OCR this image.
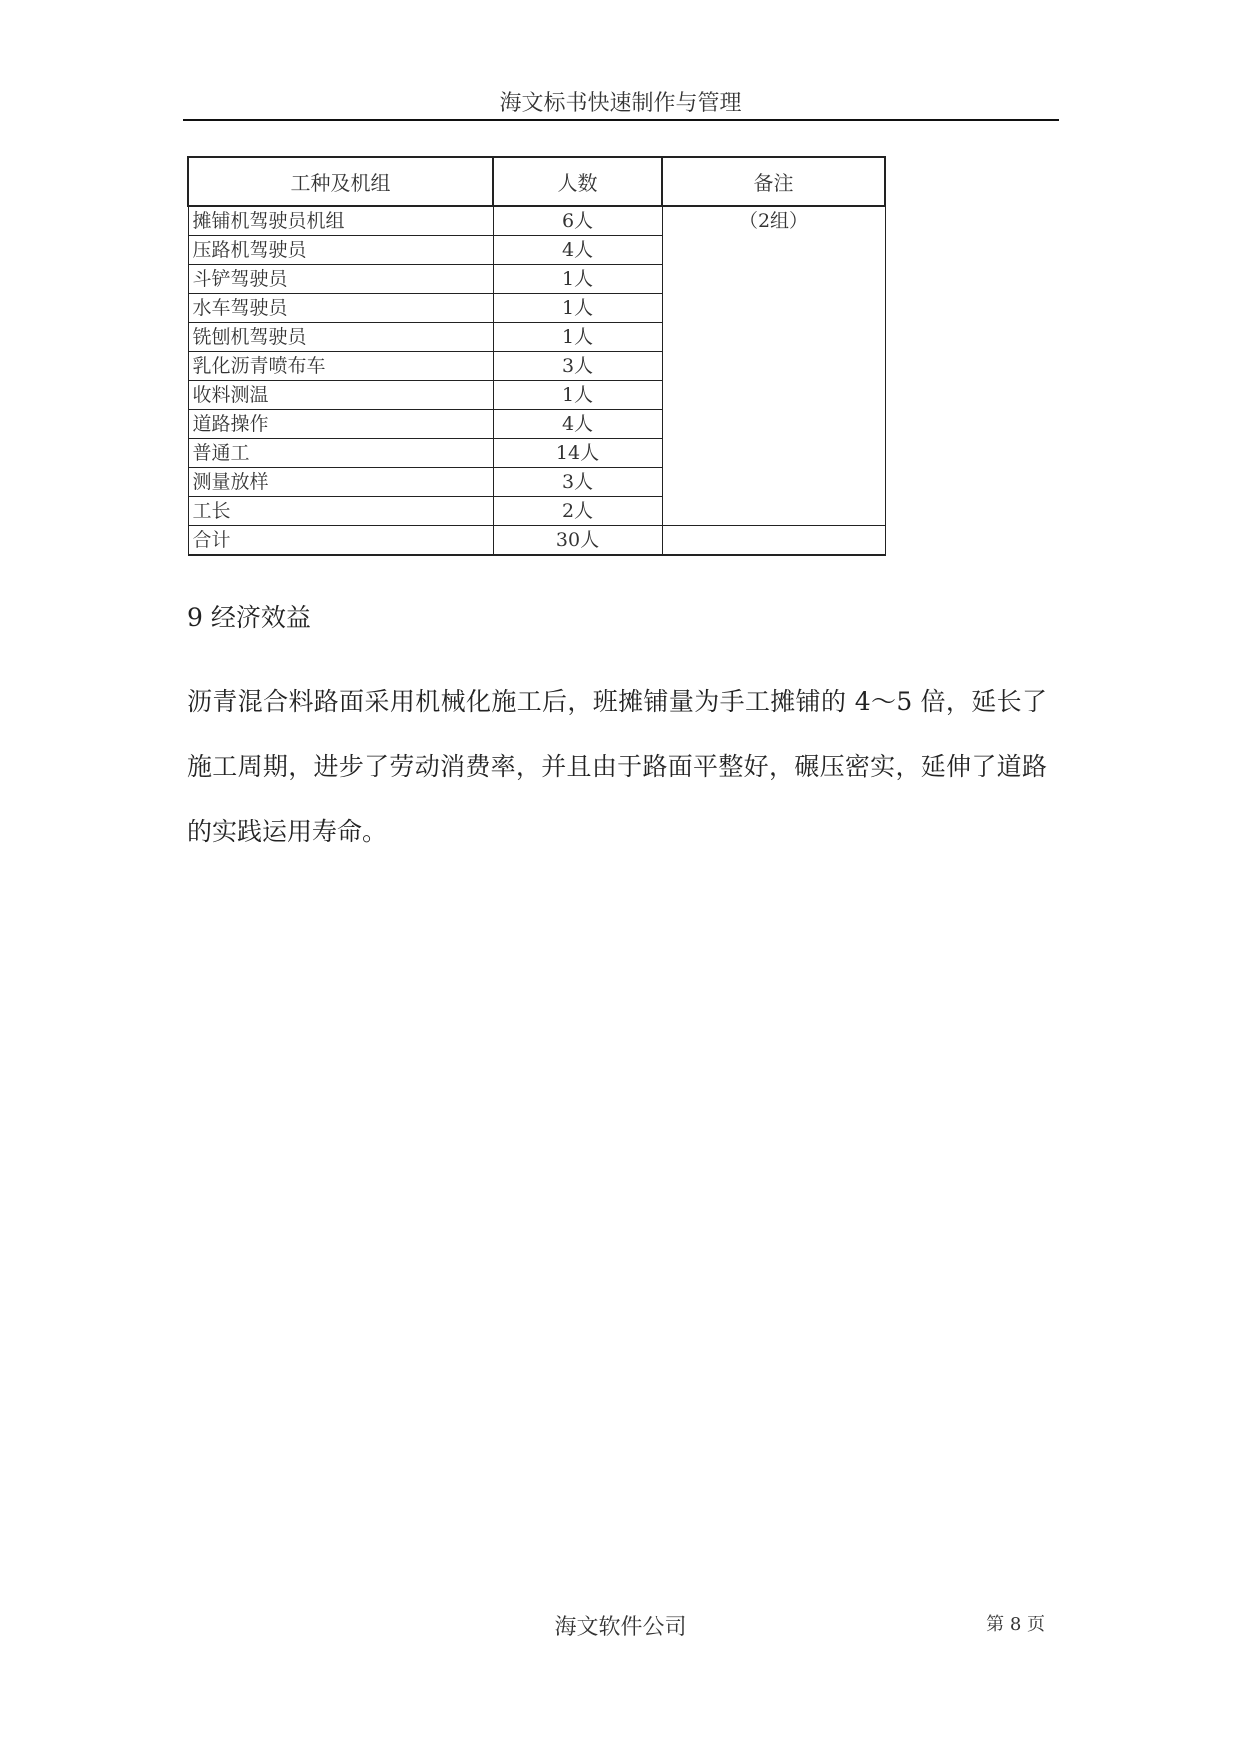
海文标书快速制作与管理
工种及机组	人数	备注
摊铺机驾驶员机组	6人	（2组）
压路机驾驶员	4人	
斗铲驾驶员	1人	
水车驾驶员	1人	
铣刨机驾驶员	1人	
乳化沥青喷布车	3人	
收料测温	1人	
道路操作	4人	
普通工	14人	
测量放样	3人	
工长	2人	
合计	30人	
9 经济效益

沥青混合料路面采用机械化施工后，班摊铺量为手工摊铺的 4～5 倍，延长了施工周期，进步了劳动消费率，并且由于路面平整好，碾压密实，延伸了道路的实践运用寿命。

海文软件公司	第 8 页
